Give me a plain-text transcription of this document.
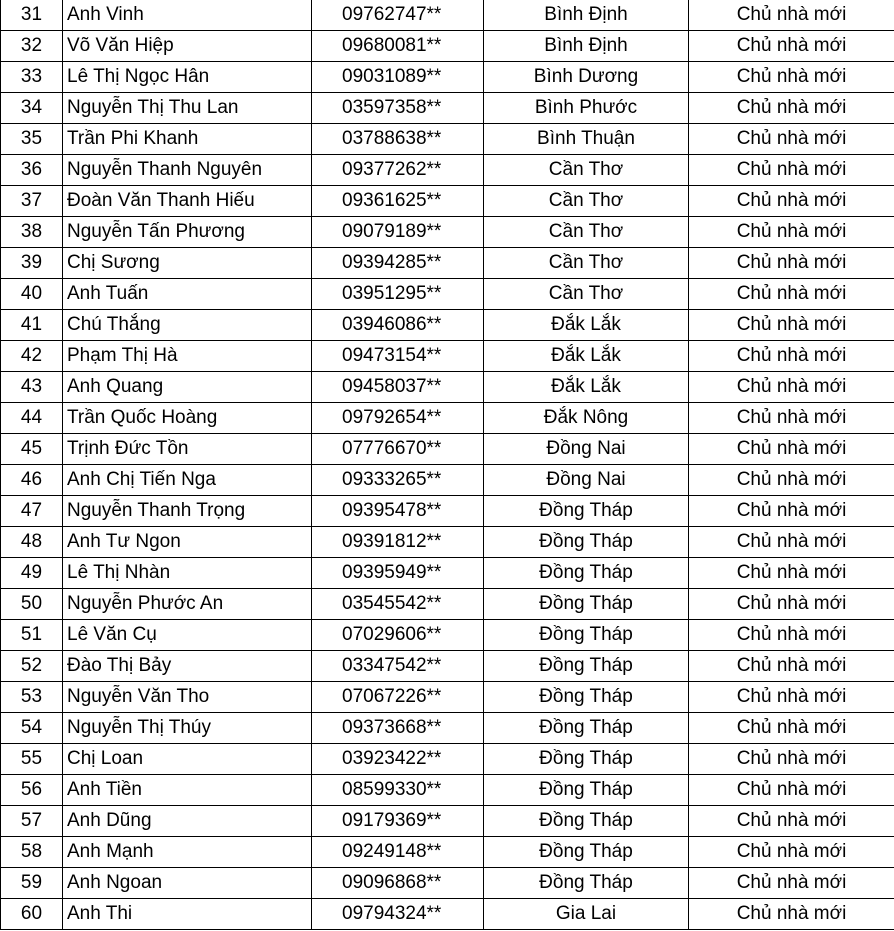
31	Anh Vinh	09762747**	Bình Định	Chủ nhà mới
32	Võ Văn Hiệp	09680081**	Bình Định	Chủ nhà mới
33	Lê Thị Ngọc Hân	09031089**	Bình Dương	Chủ nhà mới
34	Nguyễn Thị Thu Lan	03597358**	Bình Phước	Chủ nhà mới
35	Trần Phi Khanh	03788638**	Bình Thuận	Chủ nhà mới
36	Nguyễn Thanh Nguyên	09377262**	Cần Thơ	Chủ nhà mới
37	Đoàn Văn Thanh Hiếu	09361625**	Cần Thơ	Chủ nhà mới
38	Nguyễn Tấn Phương	09079189**	Cần Thơ	Chủ nhà mới
39	Chị Sương	09394285**	Cần Thơ	Chủ nhà mới
40	Anh Tuấn	03951295**	Cần Thơ	Chủ nhà mới
41	Chú Thắng	03946086**	Đắk Lắk	Chủ nhà mới
42	Phạm Thị Hà	09473154**	Đắk Lắk	Chủ nhà mới
43	Anh Quang	09458037**	Đắk Lắk	Chủ nhà mới
44	Trần Quốc Hoàng	09792654**	Đắk Nông	Chủ nhà mới
45	Trịnh Đức Tồn	07776670**	Đồng Nai	Chủ nhà mới
46	Anh Chị Tiến Nga	09333265**	Đồng Nai	Chủ nhà mới
47	Nguyễn Thanh Trọng	09395478**	Đồng Tháp	Chủ nhà mới
48	Anh Tư Ngon	09391812**	Đồng Tháp	Chủ nhà mới
49	Lê Thị Nhàn	09395949**	Đồng Tháp	Chủ nhà mới
50	Nguyễn Phước An	03545542**	Đồng Tháp	Chủ nhà mới
51	Lê Văn Cụ	07029606**	Đồng Tháp	Chủ nhà mới
52	Đào Thị Bảy	03347542**	Đồng Tháp	Chủ nhà mới
53	Nguyễn Văn Tho	07067226**	Đồng Tháp	Chủ nhà mới
54	Nguyễn Thị Thúy	09373668**	Đồng Tháp	Chủ nhà mới
55	Chị Loan	03923422**	Đồng Tháp	Chủ nhà mới
56	Anh Tiền	08599330**	Đồng Tháp	Chủ nhà mới
57	Anh Dũng	09179369**	Đồng Tháp	Chủ nhà mới
58	Anh Mạnh	09249148**	Đồng Tháp	Chủ nhà mới
59	Anh Ngoan	09096868**	Đồng Tháp	Chủ nhà mới
60	Anh Thi	09794324**	Gia Lai	Chủ nhà mới
